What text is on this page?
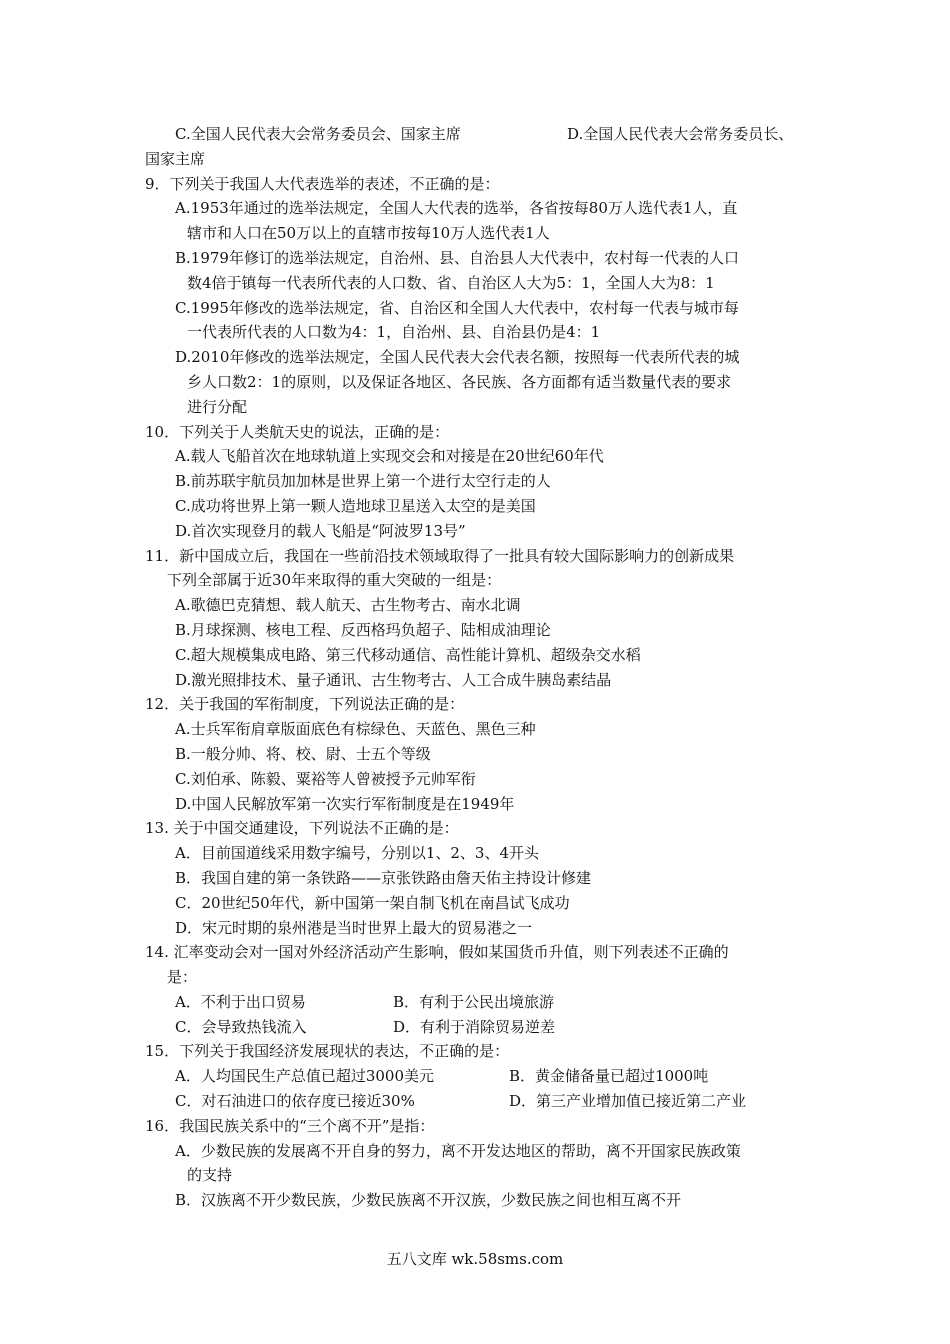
C.全国人民代表大会常务委员会、国家主席	D.全国人民代表大会常务委员长、
国家主席
9．下列关于我国人大代表选举的表述，不正确的是：
A.1953年通过的选举法规定，全国人大代表的选举，各省按每80万人选代表1人，直
辖市和人口在50万以上的直辖市按每10万人选代表1人
B.1979年修订的选举法规定，自治州、县、自治县人大代表中，农村每一代表的人口
数4倍于镇每一代表所代表的人口数、省、自治区人大为5：1，全国人大为8：1
C.1995年修改的选举法规定，省、自治区和全国人大代表中，农村每一代表与城市每
一代表所代表的人口数为4：1，自治州、县、自治县仍是4：1
D.2010年修改的选举法规定，全国人民代表大会代表名额，按照每一代表所代表的城
乡人口数2：1的原则，以及保证各地区、各民族、各方面都有适当数量代表的要求
进行分配
10．下列关于人类航天史的说法，正确的是：
A.载人飞船首次在地球轨道上实现交会和对接是在20世纪60年代
B.前苏联宇航员加加林是世界上第一个进行太空行走的人
C.成功将世界上第一颗人造地球卫星送入太空的是美国
D.首次实现登月的载人飞船是“阿波罗13号”
11．新中国成立后，我国在一些前沿技术领域取得了一批具有较大国际影响力的创新成果
下列全部属于近30年来取得的重大突破的一组是：
A.歌德巴克猜想、载人航天、古生物考古、南水北调
B.月球探测、核电工程、反西格玛负超子、陆相成油理论
C.超大规模集成电路、第三代移动通信、高性能计算机、超级杂交水稻
D.激光照排技术、量子通讯、古生物考古、人工合成牛胰岛素结晶
12．关于我国的军衔制度，下列说法正确的是：
A.士兵军衔肩章版面底色有棕绿色、天蓝色、黑色三种
B.一般分帅、将、校、尉、士五个等级
C.刘伯承、陈毅、粟裕等人曾被授予元帅军衔
D.中国人民解放军第一次实行军衔制度是在1949年
13. 关于中国交通建设，下列说法不正确的是：
A．目前国道线采用数字编号，分别以1、2、3、4开头
B．我国自建的第一条铁路——京张铁路由詹天佑主持设计修建
C．20世纪50年代，新中国第一架自制飞机在南昌试飞成功
D．宋元时期的泉州港是当时世界上最大的贸易港之一
14. 汇率变动会对一国对外经济活动产生影响，假如某国货币升值，则下列表述不正确的
是：
A．不利于出口贸易	B．有利于公民出境旅游
C．会导致热钱流入	D．有利于消除贸易逆差
15．下列关于我国经济发展现状的表达，不正确的是：
A．人均国民生产总值已超过3000美元	B．黄金储备量已超过1000吨
C．对石油进口的依存度已接近30%	D．第三产业增加值已接近第二产业
16．我国民族关系中的“三个离不开”是指：
A．少数民族的发展离不开自身的努力，离不开发达地区的帮助，离不开国家民族政策
的支持
B．汉族离不开少数民族，少数民族离不开汉族，少数民族之间也相互离不开
五八文库 wk.58sms.com
